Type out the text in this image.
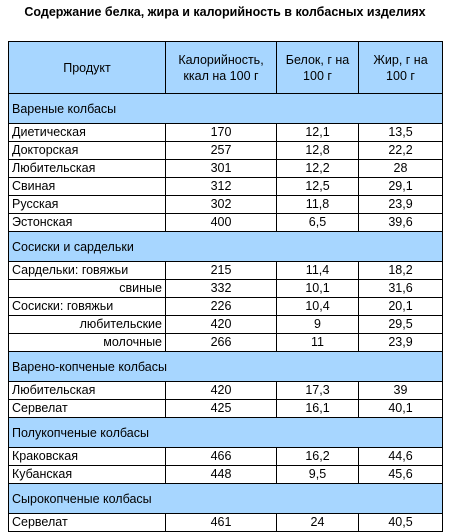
Содержание белка, жира и калорийность в колбасных изделиях
Продукт	Калорийность, ккал на 100 г	Белок, г на 100 г	Жир, г на 100 г
Вареные колбасы			
Диетическая	170	12,1	13,5
Докторская	257	12,8	22,2
Любительская	301	12,2	28
Свиная	312	12,5	29,1
Русская	302	11,8	23,9
Эстонская	400	6,5	39,6
Сосиски и сардельки			
Сардельки: говяжьи	215	11,4	18,2
свиные	332	10,1	31,6
Сосиски: говяжьи	226	10,4	20,1
любительские	420	9	29,5
молочные	266	11	23,9
Варено-копченые колбасы			
Любительская	420	17,3	39
Сервелат	425	16,1	40,1
Полукопченые колбасы			
Краковская	466	16,2	44,6
Кубанская	448	9,5	45,6
Сырокопченые колбасы			
Сервелат	461	24	40,5
